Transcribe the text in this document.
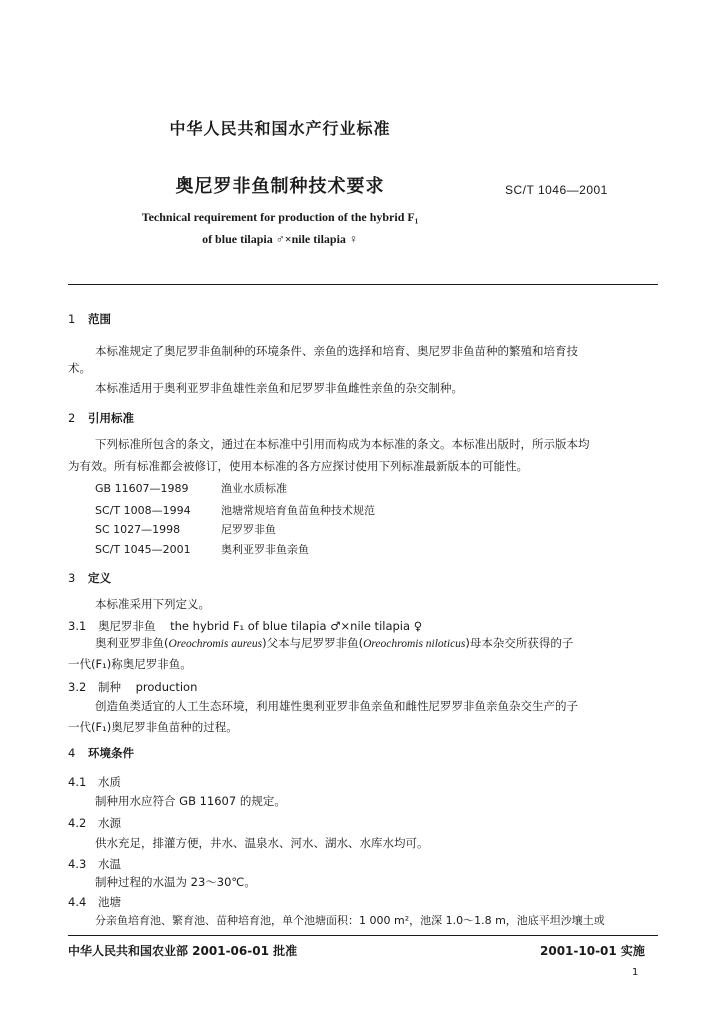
中华人民共和国水产行业标准
奥尼罗非鱼制种技术要求	SC/T 1046—2001
Technical requirement for production of the hybrid F₁
of blue tilapia ♂×nile tilapia ♀
1 范围
本标准规定了奥尼罗非鱼制种的环境条件、亲鱼的选择和培育、奥尼罗非鱼苗种的繁殖和培育技
术。
本标准适用于奥利亚罗非鱼雄性亲鱼和尼罗罗非鱼雌性亲鱼的杂交制种。
2 引用标准
下列标准所包含的条文，通过在本标准中引用而构成为本标准的条文。本标准出版时，所示版本均
为有效。所有标准都会被修订，使用本标准的各方应探讨使用下列标准最新版本的可能性。
GB 11607—1989	渔业水质标准
SC/T 1008—1994	池塘常规培育鱼苗鱼种技术规范
SC 1027—1998	尼罗罗非鱼
SC/T 1045—2001	奥利亚罗非鱼亲鱼
3 定义
本标准采用下列定义。
3.1 奥尼罗非鱼 the hybrid F₁ of blue tilapia ♂×nile tilapia ♀
奥利亚罗非鱼(Oreochromis aureus)父本与尼罗罗非鱼(Oreochromis niloticus)母本杂交所获得的子
一代(F₁)称奥尼罗非鱼。
3.2 制种 production
创造鱼类适宜的人工生态环境，利用雄性奥利亚罗非鱼亲鱼和雌性尼罗罗非鱼亲鱼杂交生产的子
一代(F₁)奥尼罗非鱼苗种的过程。
4 环境条件
4.1 水质
制种用水应符合 GB 11607 的规定。
4.2 水源
供水充足，排灌方便，井水、温泉水、河水、湖水、水库水均可。
4.3 水温
制种过程的水温为 23～30℃。
4.4 池塘
分亲鱼培育池、繁育池、苗种培育池，单个池塘面积：1 000 m²，池深 1.0～1.8 m，池底平坦沙壤土或
中华人民共和国农业部 2001-06-01 批准	2001-10-01 实施
1
